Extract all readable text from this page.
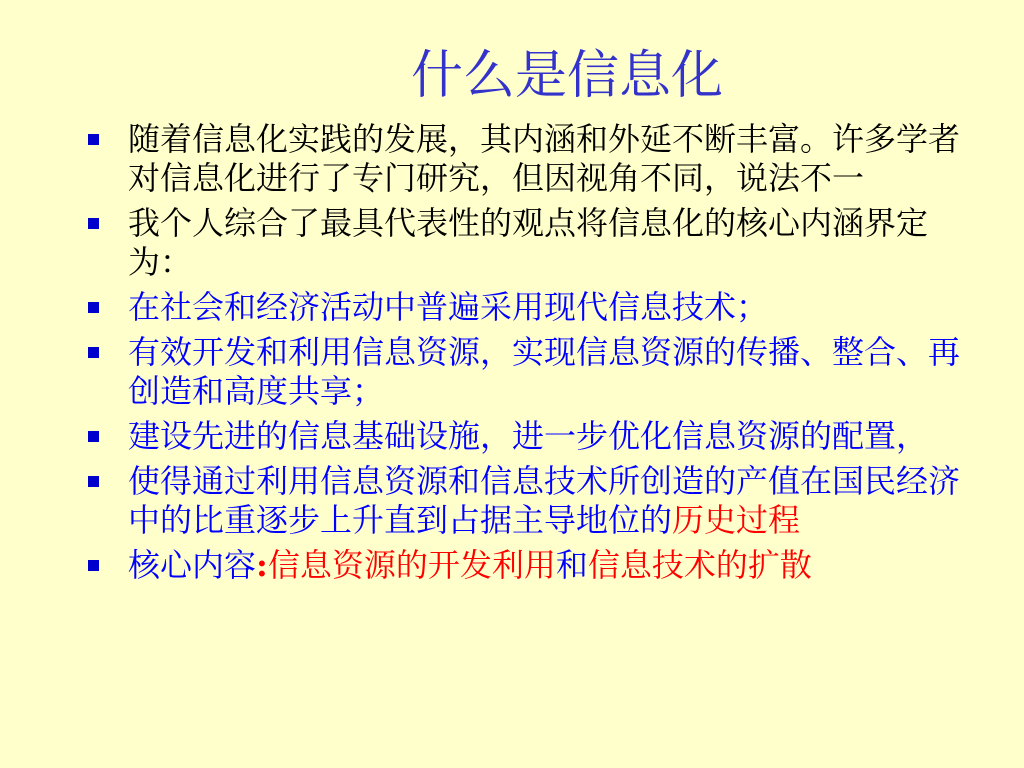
什么是信息化
随着信息化实践的发展，其内涵和外延不断丰富。许多学者对信息化进行了专门研究，但因视角不同，说法不一
我个人综合了最具代表性的观点将信息化的核心内涵界定为：
在社会和经济活动中普遍采用现代信息技术；
有效开发和利用信息资源，实现信息资源的传播、整合、再创造和高度共享；
建设先进的信息基础设施，进一步优化信息资源的配置，
使得通过利用信息资源和信息技术所创造的产值在国民经济中的比重逐步上升直到占据主导地位的历史过程
核心内容:信息资源的开发利用和信息技术的扩散
